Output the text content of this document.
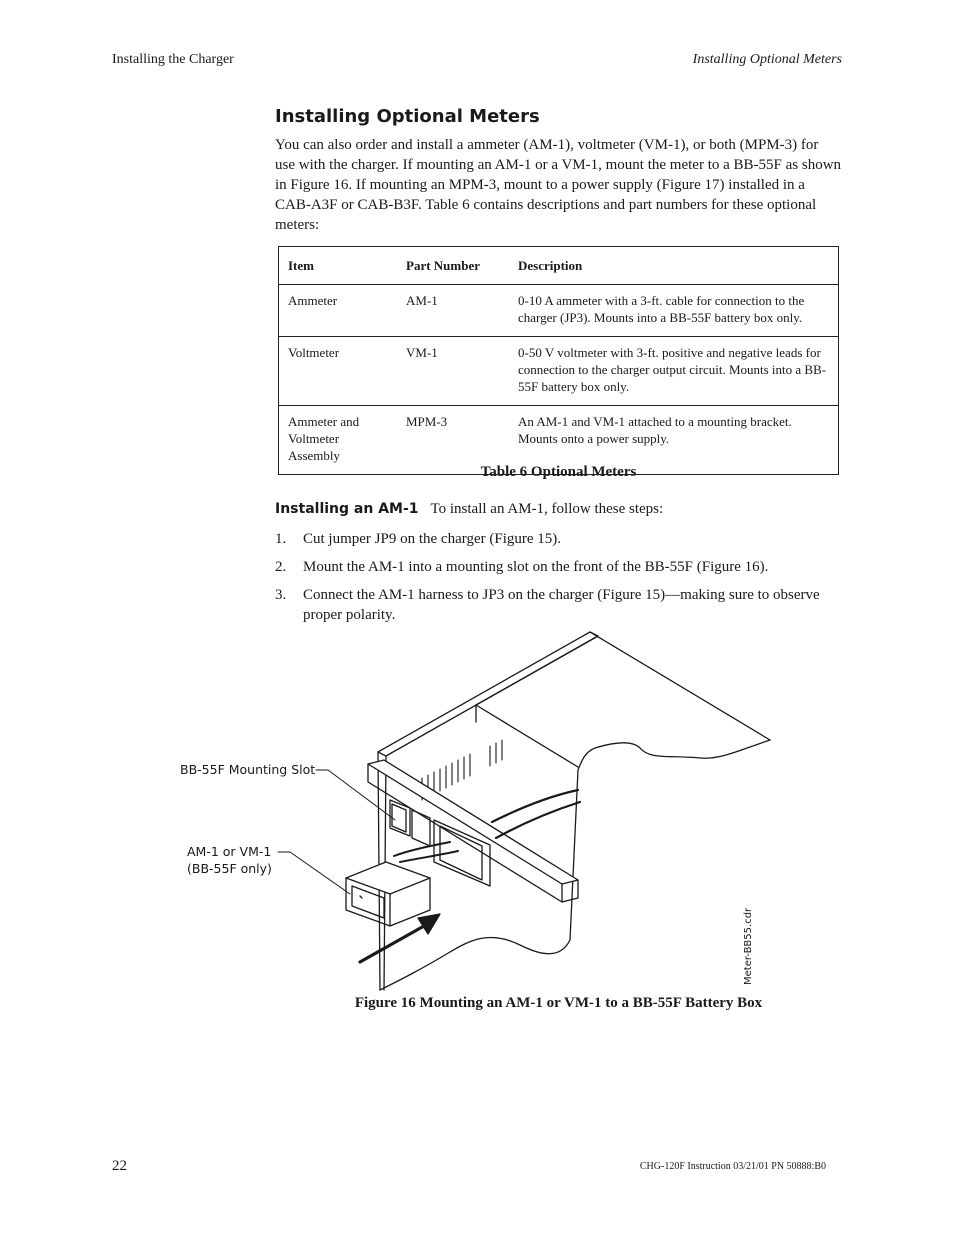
Installing the Charger	Installing Optional Meters
Installing Optional Meters
You can also order and install a ammeter (AM-1), voltmeter (VM-1), or both (MPM-3) for use with the charger. If mounting an AM-1 or a VM-1, mount the meter to a BB-55F as shown in Figure 16. If mounting an MPM-3, mount to a power supply (Figure 17) installed in a CAB-A3F or CAB-B3F. Table 6 contains descriptions and part numbers for these optional meters:
Item	Part Number	Description
Ammeter	AM-1	0-10 A ammeter with a 3-ft. cable for connection to the charger (JP3). Mounts into a BB-55F battery box only.
Voltmeter	VM-1	0-50 V voltmeter with 3-ft. positive and negative leads for connection to the charger output circuit. Mounts into a BB-55F battery box only.
Ammeter and Voltmeter Assembly	MPM-3	An AM-1 and VM-1 attached to a mounting bracket. Mounts onto a power supply.
Table 6 Optional Meters
Installing an AM-1 To install an AM-1, follow these steps:
1. Cut jumper JP9 on the charger (Figure 15).
2. Mount the AM-1 into a mounting slot on the front of the BB-55F (Figure 16).
3. Connect the AM-1 harness to JP3 on the charger (Figure 15)—making sure to observe proper polarity.
BB-55F Mounting Slot
AM-1 or VM-1
(BB-55F only)
Meter-BB55.cdr
Figure 16 Mounting an AM-1 or VM-1 to a BB-55F Battery Box
22	CHG-120F Instruction 03/21/01 PN 50888:B0
